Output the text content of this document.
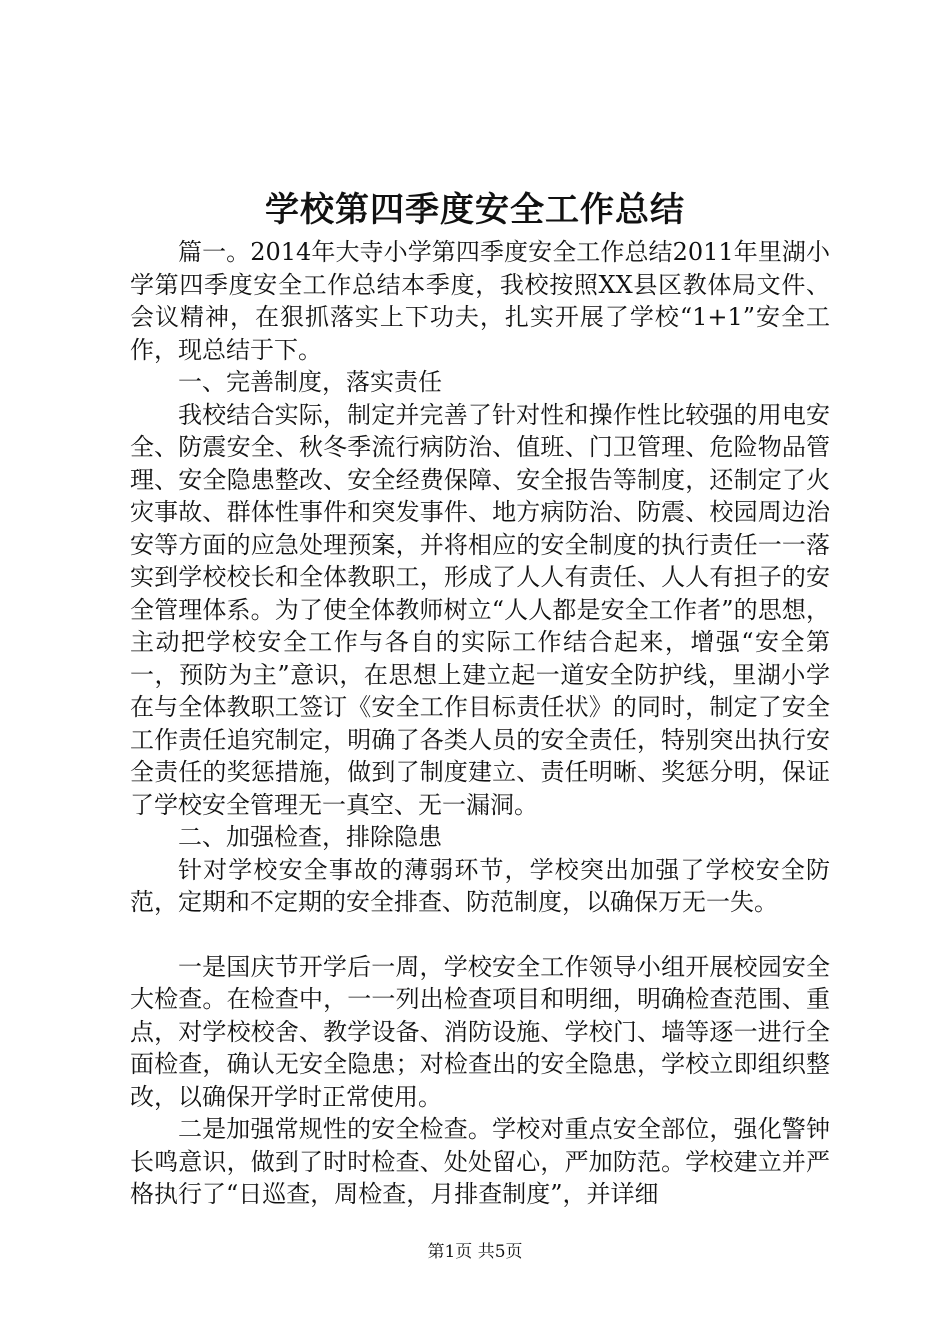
学校第四季度安全工作总结

篇一。2014年大寺小学第四季度安全工作总结2011年里湖小学第四季度安全工作总结本季度，我校按照XX县区教体局文件、会议精神，在狠抓落实上下功夫，扎实开展了学校“1+1”安全工作，现总结于下。

一、完善制度，落实责任

我校结合实际，制定并完善了针对性和操作性比较强的用电安全、防震安全、秋冬季流行病防治、值班、门卫管理、危险物品管理、安全隐患整改、安全经费保障、安全报告等制度，还制定了火灾事故、群体性事件和突发事件、地方病防治、防震、校园周边治安等方面的应急处理预案，并将相应的安全制度的执行责任一一落实到学校校长和全体教职工，形成了人人有责任、人人有担子的安全管理体系。为了使全体教师树立“人人都是安全工作者”的思想，主动把学校安全工作与各自的实际工作结合起来，增强“安全第一，预防为主”意识，在思想上建立起一道安全防护线，里湖小学在与全体教职工签订《安全工作目标责任状》的同时，制定了安全工作责任追究制定，明确了各类人员的安全责任，特别突出执行安全责任的奖惩措施，做到了制度建立、责任明晰、奖惩分明，保证了学校安全管理无一真空、无一漏洞。

二、加强检查，排除隐患

针对学校安全事故的薄弱环节，学校突出加强了学校安全防范，定期和不定期的安全排查、防范制度，以确保万无一失。

一是国庆节开学后一周，学校安全工作领导小组开展校园安全大检查。在检查中，一一列出检查项目和明细，明确检查范围、重点，对学校校舍、教学设备、消防设施、学校门、墙等逐一进行全面检查，确认无安全隐患；对检查出的安全隐患，学校立即组织整改，以确保开学时正常使用。

二是加强常规性的安全检查。学校对重点安全部位，强化警钟长鸣意识，做到了时时检查、处处留心，严加防范。学校建立并严格执行了“日巡查，周检查，月排查制度”，并详细

第1页 共5页
